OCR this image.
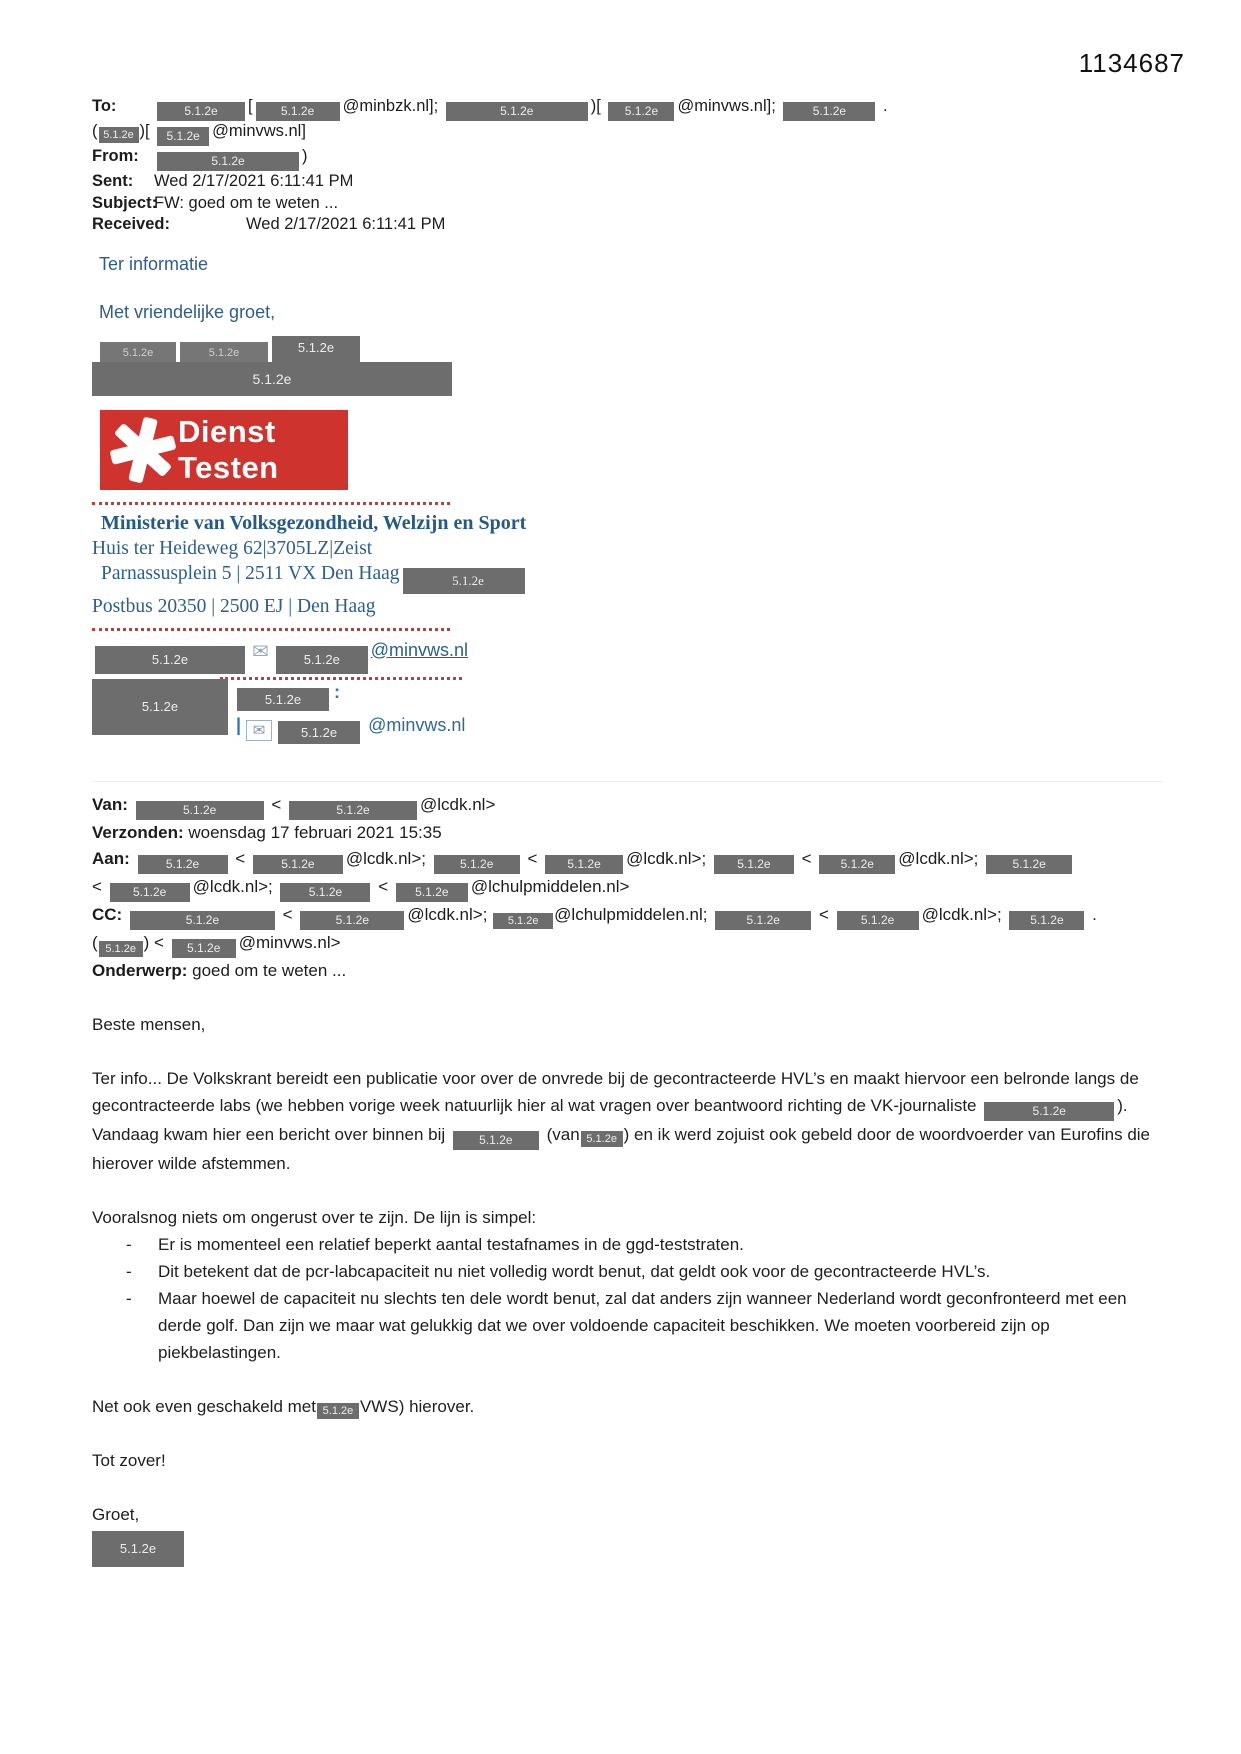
1134687
To:	5.1.2e [ 5.1.2e @minbzk.nl];	5.1.2e	)[ 5.1.2e @minvws.nl];	5.1.2e .
( 5.1.2e )[ 5.1.2e @minvws.nl]
From:	5.1.2e	)
Sent: Wed 2/17/2021 6:11:41 PM
Subject:FW: goed om te weten ...
Received:	Wed 2/17/2021 6:11:41 PM
Ter informatie
Met vriendelijke groet,
5.1.2e	5.1.2e	5.1.2e
5.1.2e
Dienst Testen
Ministerie van Volksgezondheid, Welzijn en Sport
Huis ter Heideweg 62|3705LZ|Zeist
Parnassusplein 5 | 2511 VX Den Haag	5.1.2e
Postbus 20350 | 2500 EJ | Den Haag
5.1.2e ✉	5.1.2e @minvws.nl
5.1.2e	5.1.2e :
| ✉	5.1.2e @minvws.nl
Van:	5.1.2e	<	5.1.2e	@lcdk.nl>
Verzonden: woensdag 17 februari 2021 15:35
Aan:	5.1.2e <	5.1.2e @lcdk.nl>; 5.1.2e < 5.1.2e @lcdk.nl>; 5.1.2e < 5.1.2e @lcdk.nl>; 5.1.2e
< 5.1.2e @lcdk.nl>;	5.1.2e < 5.1.2e @lchulpmiddelen.nl>
CC:	5.1.2e	<	5.1.2e @lcdk.nl>; 5.1.2e @lchulpmiddelen.nl;	5.1.2e < 5.1.2e @lcdk.nl>; 5.1.2e .
( 5.1.2e ) < 5.1.2e @minvws.nl>
Onderwerp: goed om te weten ...

Beste mensen,

Ter info... De Volkskrant bereidt een publicatie voor over de onvrede bij de gecontracteerde HVL’s en maakt hiervoor een belronde langs de gecontracteerde labs (we hebben vorige week natuurlijk hier al wat vragen over beantwoord richting de VK-journaliste	5.1.2e	). Vandaag kwam hier een bericht over binnen bij 5.1.2e (van 5.1.2e ) en ik werd zojuist ook gebeld door de woordvoerder van Eurofins die hierover wilde afstemmen.

Vooralsnog niets om ongerust over te zijn. De lijn is simpel:

- Er is momenteel een relatief beperkt aantal testafnames in de ggd-teststraten.
- Dit betekent dat de pcr-labcapaciteit nu niet volledig wordt benut, dat geldt ook voor de gecontracteerde HVL’s.
- Maar hoewel de capaciteit nu slechts ten dele wordt benut, zal dat anders zijn wanneer Nederland wordt geconfronteerd met een derde golf. Dan zijn we maar wat gelukkig dat we over voldoende capaciteit beschikken. We moeten voorbereid zijn op piekbelastingen.

Net ook even geschakeld met 5.1.2e VWS) hierover.

Tot zover!

Groet,

5.1.2e
